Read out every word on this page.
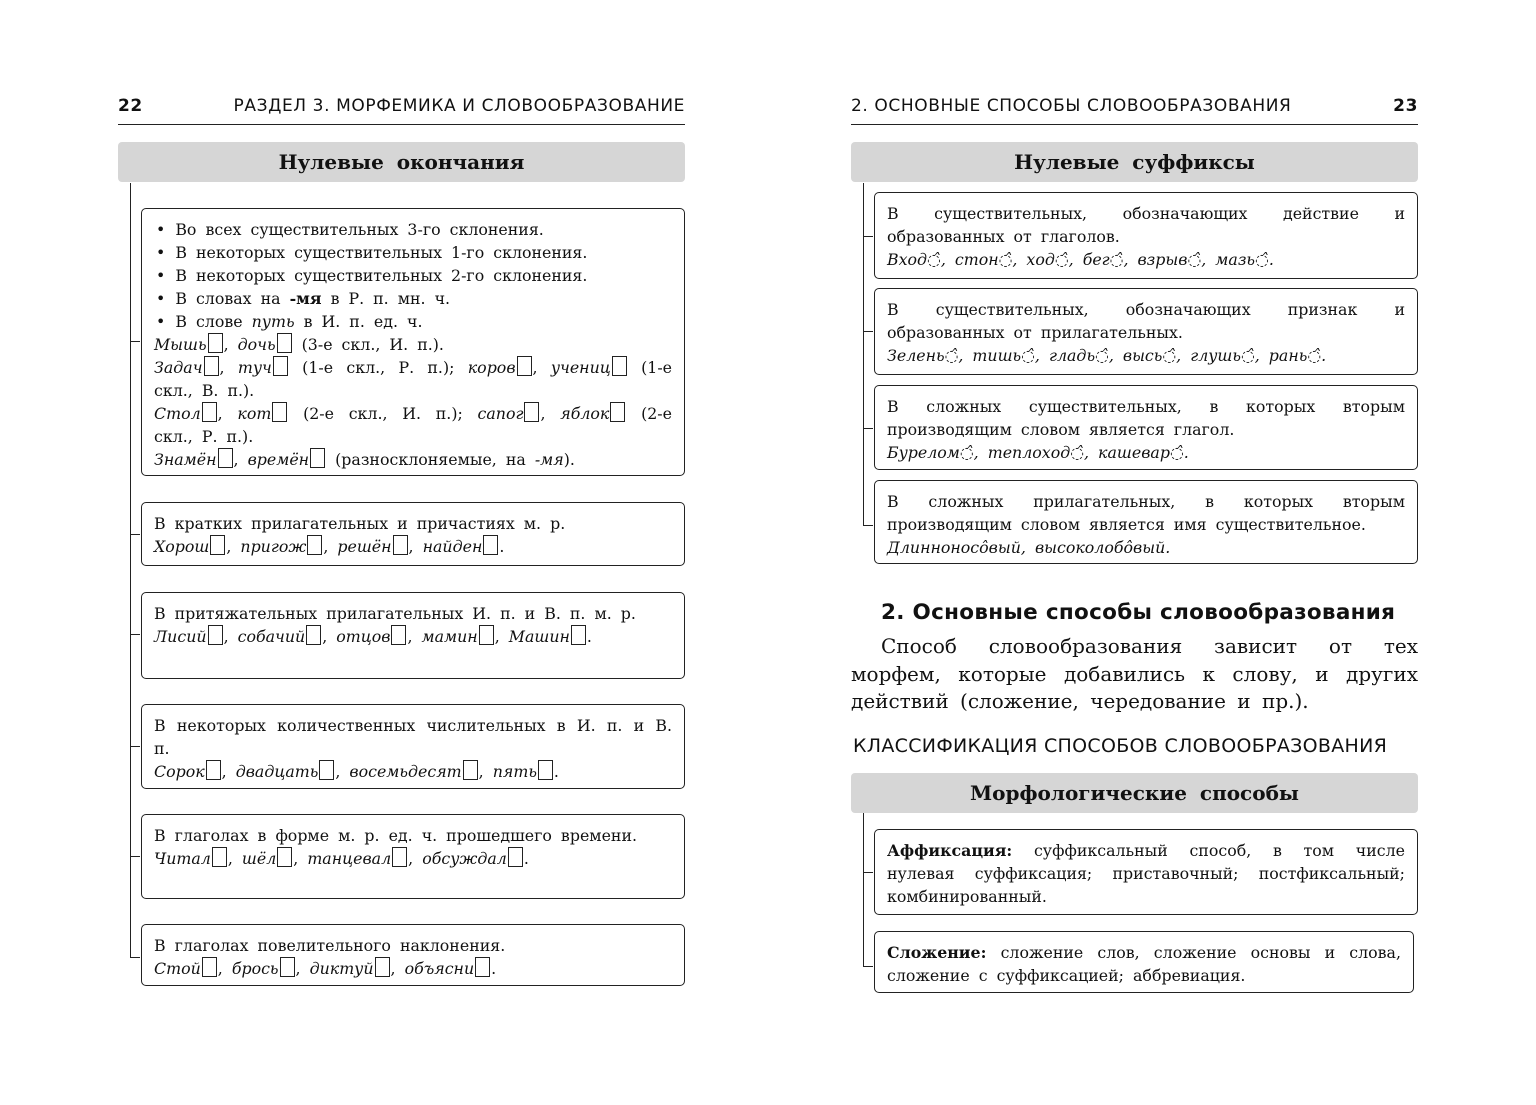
22	РАЗДЕЛ 3. МОРФЕМИКА И СЛОВООБРАЗОВАНИЕ
Нулевые окончания
• Во всех существительных 3-го склонения.
• В некоторых существительных 1-го склонения.
• В некоторых существительных 2-го склонения.
• В словах на -мя в Р. п. мн. ч.
• В слове путь в И. п. ед. ч.
Мышь , дочь (3-е скл., И. п.).
Задач , туч (1-е скл., Р. п.); коров , учениц (1-е скл., В. п.).
Стол , кот (2-е скл., И. п.); сапог , яблок (2-е скл., Р. п.).
Знамён , времён (разносклоняемые, на -мя).
В кратких прилагательных и причастиях м. р.
Хорош , пригож , решён , найден .
В притяжательных прилагательных И. п. и В. п. м. р.
Лисий , собачий , отцов , мамин , Машин .
В некоторых количественных числительных в И. п. и В. п.
Сорок , двадцать , восемьдесят , пять .
В глаголах в форме м. р. ед. ч. прошедшего времени.
Читал , шёл , танцевал , обсуждал .
В глаголах повелительного наклонения.
Стой , брось , диктуй , объясни .
2. ОСНОВНЫЕ СПОСОБЫ СЛОВООБРАЗОВАНИЯ	23
Нулевые суффиксы
В существительных, обозначающих действие и образованных от глаголов.
Вход◌̂, стон◌̂, ход◌̂, бег◌̂, взрыв◌̂, мазь◌̂.
В существительных, обозначающих признак и образованных от прилагательных.
Зелень◌̂, тишь◌̂, гладь◌̂, высь◌̂, глушь◌̂, рань◌̂.
В сложных существительных, в которых вторым производящим словом является глагол.
Бурелом◌̂, теплоход◌̂, кашевар◌̂.
В сложных прилагательных, в которых вторым производящим словом является имя существительное.
Длинноносо̂вый, высоколобо̂вый.
2. Основные способы словообразования
Способ словообразования зависит от тех морфем, которые добавились к слову, и других действий (сложение, чередование и пр.).
КЛАССИФИКАЦИЯ СПОСОБОВ СЛОВООБРАЗОВАНИЯ
Морфологические способы
Аффиксация: суффиксальный способ, в том числе нулевая суффиксация; приставочный; постфиксальный; комбинированный.
Сложение: сложение слов, сложение основы и слова, сложение с суффиксацией; аббревиация.
